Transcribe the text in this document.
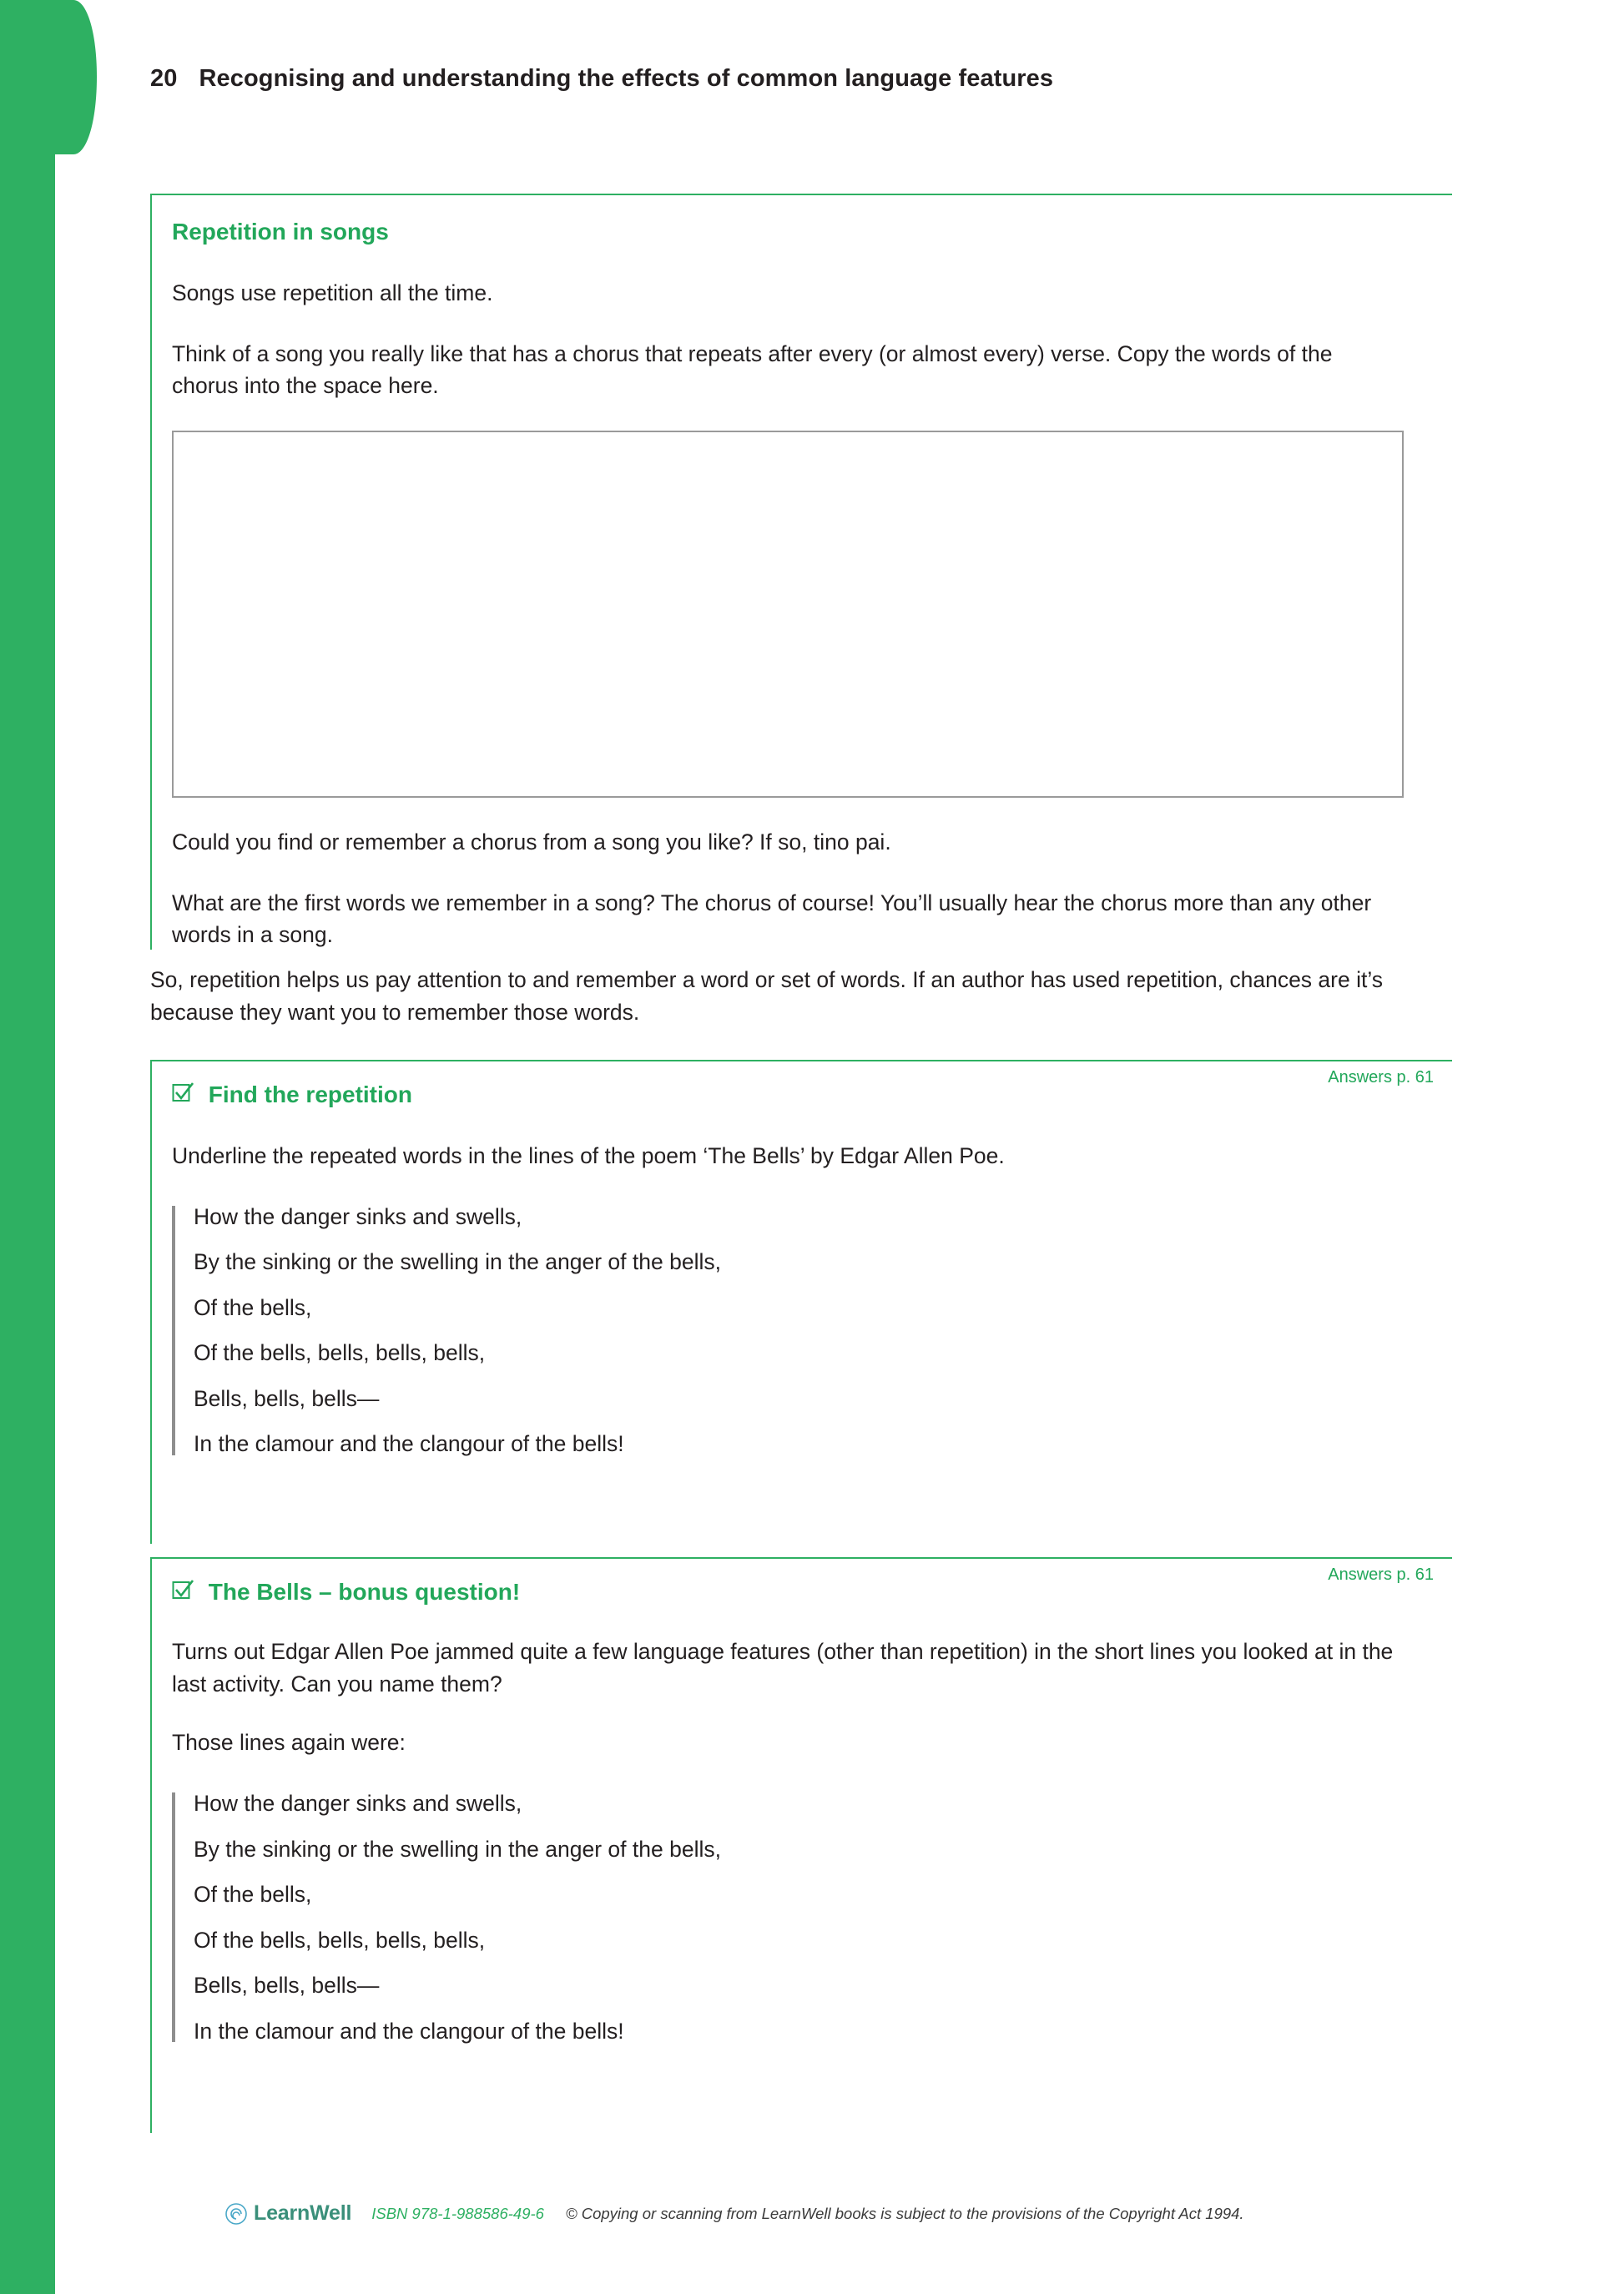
20 Recognising and understanding the effects of common language features
Repetition in songs

Songs use repetition all the time.

Think of a song you really like that has a chorus that repeats after every (or almost every) verse. Copy the words of the chorus into the space here.

Could you find or remember a chorus from a song you like? If so, tino pai.

What are the first words we remember in a song? The chorus of course! You’ll usually hear the chorus more than any other words in a song.

So, repetition helps us pay attention to and remember a word or set of words. If an author has used repetition, chances are it’s because they want you to remember those words.

Find the repetition
Answers p. 61

Underline the repeated words in the lines of the poem ‘The Bells’ by Edgar Allen Poe.

How the danger sinks and swells,

By the sinking or the swelling in the anger of the bells,

Of the bells,

Of the bells, bells, bells, bells,

Bells, bells, bells—

In the clamour and the clangour of the bells!

The Bells – bonus question!
Answers p. 61

Turns out Edgar Allen Poe jammed quite a few language features (other than repetition) in the short lines you looked at in the last activity. Can you name them?

Those lines again were:

How the danger sinks and swells,

By the sinking or the swelling in the anger of the bells,

Of the bells,

Of the bells, bells, bells, bells,

Bells, bells, bells—

In the clamour and the clangour of the bells!

LearnWell ISBN 978-1-988586-49-6 © Copying or scanning from LearnWell books is subject to the provisions of the Copyright Act 1994.
